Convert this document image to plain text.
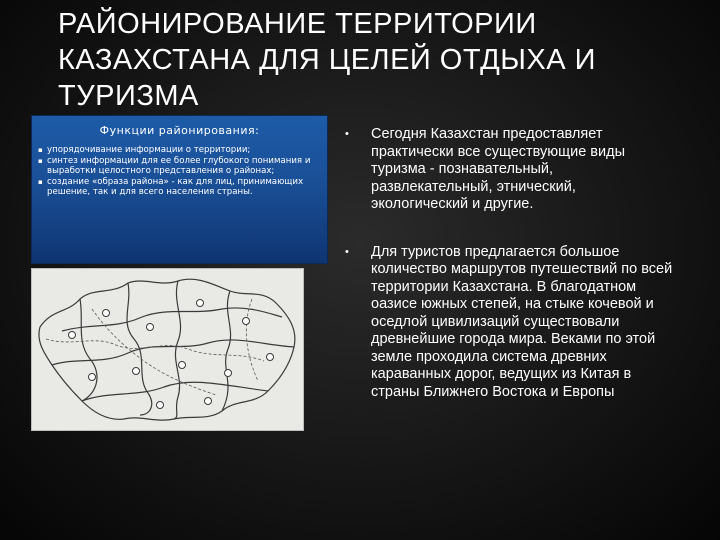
РАЙОНИРОВАНИЕ ТЕРРИТОРИИ
КАЗАХСТАНА ДЛЯ ЦЕЛЕЙ ОТДЫХА И
ТУРИЗМА
Функции районирования:
▪ упорядочивание информации о территории;
▪ синтез информации для ее более глубокого понимания и выработки целостного представления о районах;
▪ создание «образа района» - как для лиц, принимающих решение, так и для всего населения страны.
• Сегодня Казахстан предоставляет практически все существующие виды туризма - познавательный, развлекательный, этнический, экологический и другие.
• Для туристов предлагается большое количество маршрутов путешествий по всей территории Казахстана. В благодатном оазисе южных степей, на стыке кочевой и оседлой цивилизаций существовали древнейшие города мира. Веками по этой земле проходила система древних караванных дорог, ведущих из Китая в страны Ближнего Востока и Европы
